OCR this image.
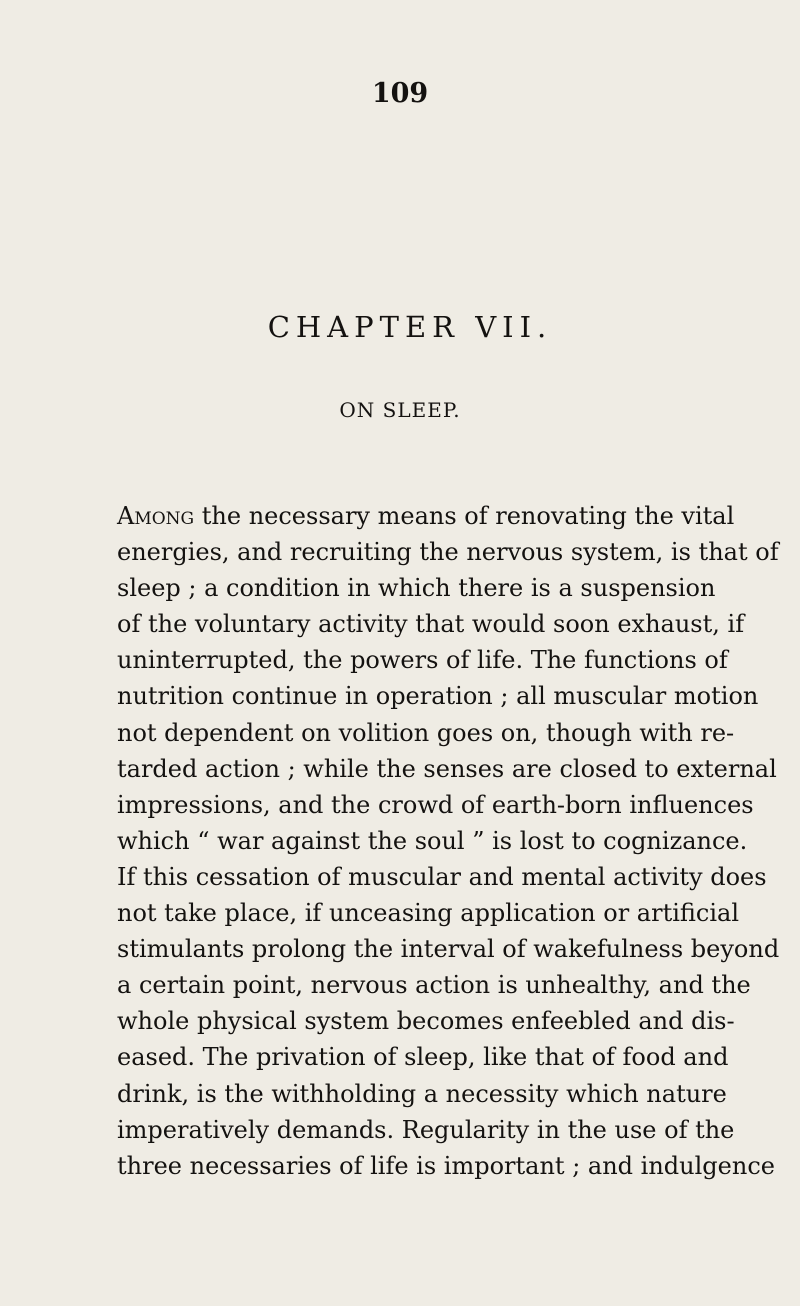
109
CHAPTER VII.
ON SLEEP.
Among the necessary means of renovating the vital
energies, and recruiting the nervous system, is that of
sleep ; a condition in which there is a suspension
of the voluntary activity that would soon exhaust, if
uninterrupted, the powers of life. The functions of
nutrition continue in operation ; all muscular motion
not dependent on volition goes on, though with re-
tarded action ; while the senses are closed to external
impressions, and the crowd of earth-born influences
which “ war against the soul ” is lost to cognizance.
If this cessation of muscular and mental activity does
not take place, if unceasing application or artificial
stimulants prolong the interval of wakefulness beyond
a certain point, nervous action is unhealthy, and the
whole physical system becomes enfeebled and dis-
eased. The privation of sleep, like that of food and
drink, is the withholding a necessity which nature
imperatively demands. Regularity in the use of the
three necessaries of life is important ; and indulgence
